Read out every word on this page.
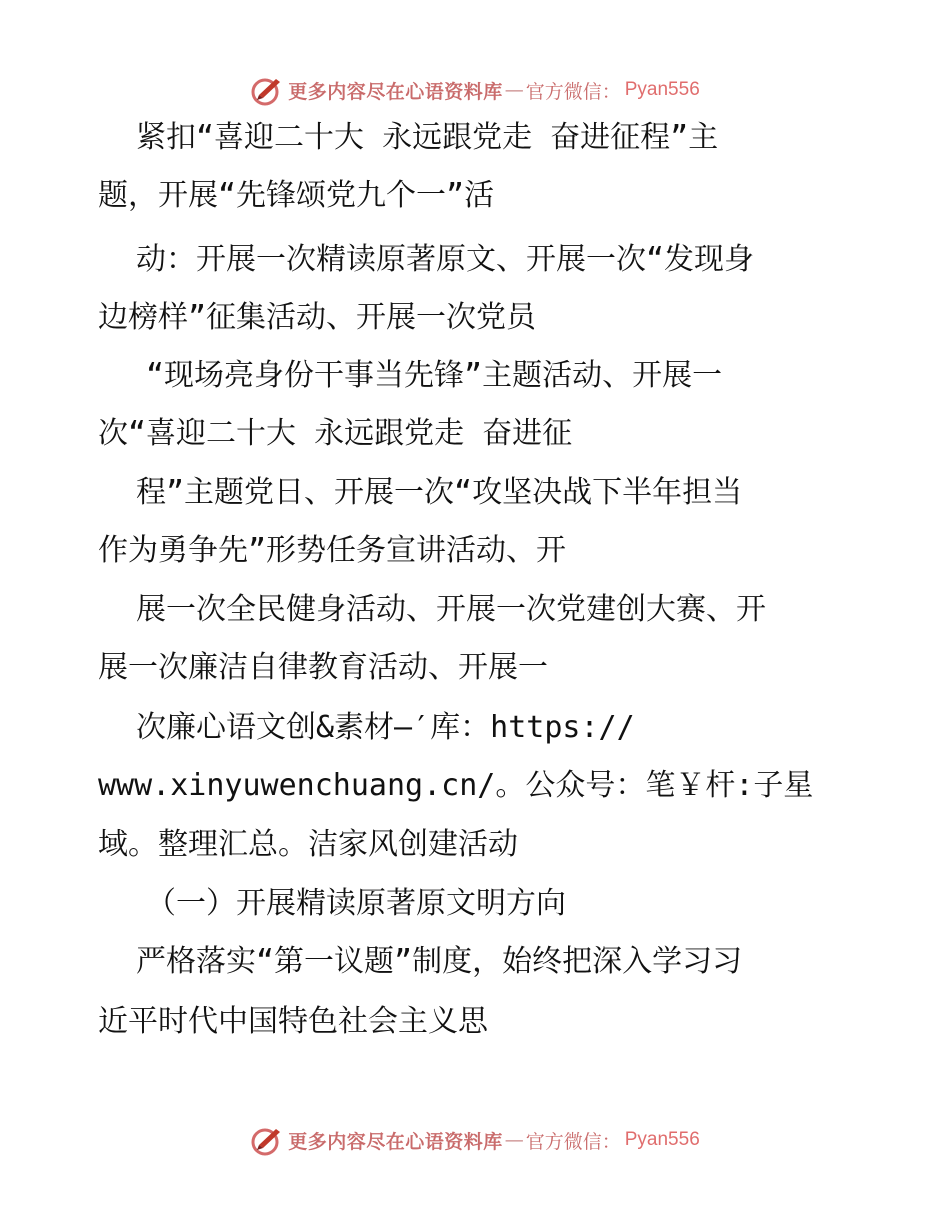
更多内容尽在心语资料库 — 官方微信： Pyan556
紧扣“喜迎二十大 永远跟党走 奋进征程”主
题，开展“先锋颂党九个一”活
动：开展一次精读原著原文、开展一次“发现身
边榜样”征集活动、开展一次党员
“现场亮身份干事当先锋”主题活动、开展一
次“喜迎二十大 永远跟党走 奋进征
程”主题党日、开展一次“攻坚决战下半年担当
作为勇争先”形势任务宣讲活动、开
展一次全民健身活动、开展一次党建创大赛、开
展一次廉洁自律教育活动、开展一
次廉心语文创&素材—′库：https://
www.xinyuwenchuang.cn/。公众号：笔￥杆:子星
域。整理汇总。洁家风创建活动
（一）开展精读原著原文明方向
严格落实“第一议题”制度，始终把深入学习习
近平时代中国特色社会主义思
更多内容尽在心语资料库 — 官方微信： Pyan556
